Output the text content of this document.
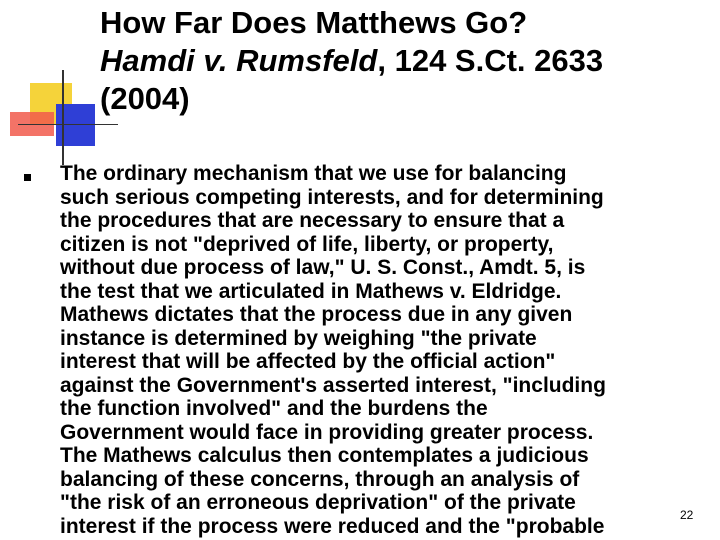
How Far Does Matthews Go?
Hamdi v. Rumsfeld, 124 S.Ct. 2633
(2004)
The ordinary mechanism that we use for balancing
such serious competing interests, and for determining
the procedures that are necessary to ensure that a
citizen is not "deprived of life, liberty, or property,
without due process of law," U. S. Const., Amdt. 5, is
the test that we articulated in Mathews v. Eldridge.
Mathews dictates that the process due in any given
instance is determined by weighing "the private
interest that will be affected by the official action"
against the Government's asserted interest, "including
the function involved" and the burdens the
Government would face in providing greater process.
The Mathews calculus then contemplates a judicious
balancing of these concerns, through an analysis of
"the risk of an erroneous deprivation" of the private
interest if the process were reduced and the "probable	22
